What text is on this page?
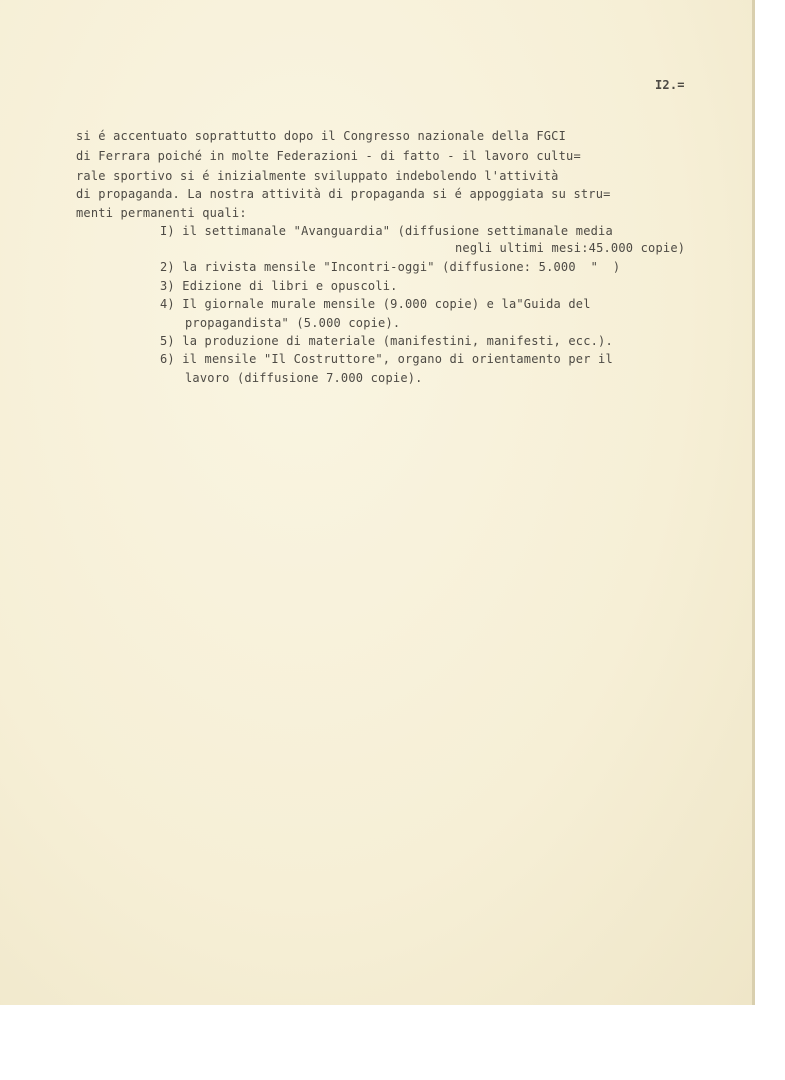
I2.=
si é accentuato soprattutto dopo il Congresso nazionale della FGCI
di Ferrara poiché in molte Federazioni - di fatto - il lavoro cultu=
rale sportivo si é inizialmente sviluppato indebolendo l'attività
di propaganda. La nostra attività di propaganda si é appoggiata su stru=
menti permanenti quali:
I) il settimanale "Avanguardia" (diffusione settimanale media
negli ultimi mesi:45.000 copie)
2) la rivista mensile "Incontri-oggi" (diffusione: 5.000  "  )
3) Edizione di libri e opuscoli.
4) Il giornale murale mensile (9.000 copie) e la"Guida del
propagandista" (5.000 copie).
5) la produzione di materiale (manifestini, manifesti, ecc.).
6) il mensile "Il Costruttore", organo di orientamento per il
lavoro (diffusione 7.000 copie).
